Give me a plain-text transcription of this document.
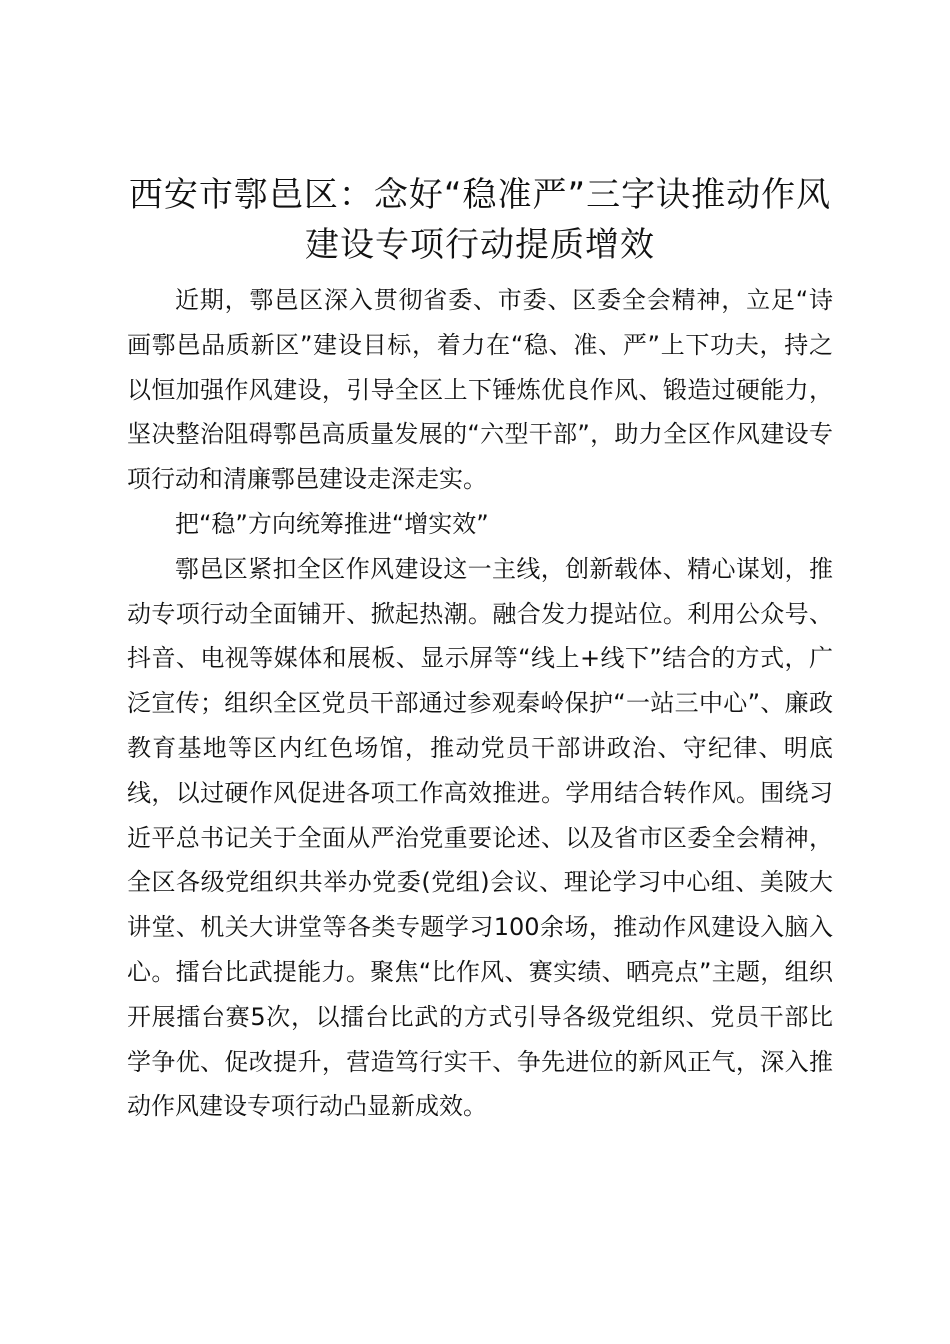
西安市鄠邑区：念好“稳准严”三字诀推动作风建设专项行动提质增效

近期，鄠邑区深入贯彻省委、市委、区委全会精神，立足“诗画鄠邑品质新区”建设目标，着力在“稳、准、严”上下功夫，持之以恒加强作风建设，引导全区上下锤炼优良作风、锻造过硬能力，坚决整治阻碍鄠邑高质量发展的“六型干部”，助力全区作风建设专项行动和清廉鄠邑建设走深走实。

把“稳”方向统筹推进“增实效”

鄠邑区紧扣全区作风建设这一主线，创新载体、精心谋划，推动专项行动全面铺开、掀起热潮。融合发力提站位。利用公众号、抖音、电视等媒体和展板、显示屏等“线上+线下”结合的方式，广泛宣传；组织全区党员干部通过参观秦岭保护“一站三中心”、廉政教育基地等区内红色场馆，推动党员干部讲政治、守纪律、明底线，以过硬作风促进各项工作高效推进。学用结合转作风。围绕习近平总书记关于全面从严治党重要论述、以及省市区委全会精神，全区各级党组织共举办党委(党组)会议、理论学习中心组、美陂大讲堂、机关大讲堂等各类专题学习100余场，推动作风建设入脑入心。擂台比武提能力。聚焦“比作风、赛实绩、晒亮点”主题，组织开展擂台赛5次，以擂台比武的方式引导各级党组织、党员干部比学争优、促改提升，营造笃行实干、争先进位的新风正气，深入推动作风建设专项行动凸显新成效。
